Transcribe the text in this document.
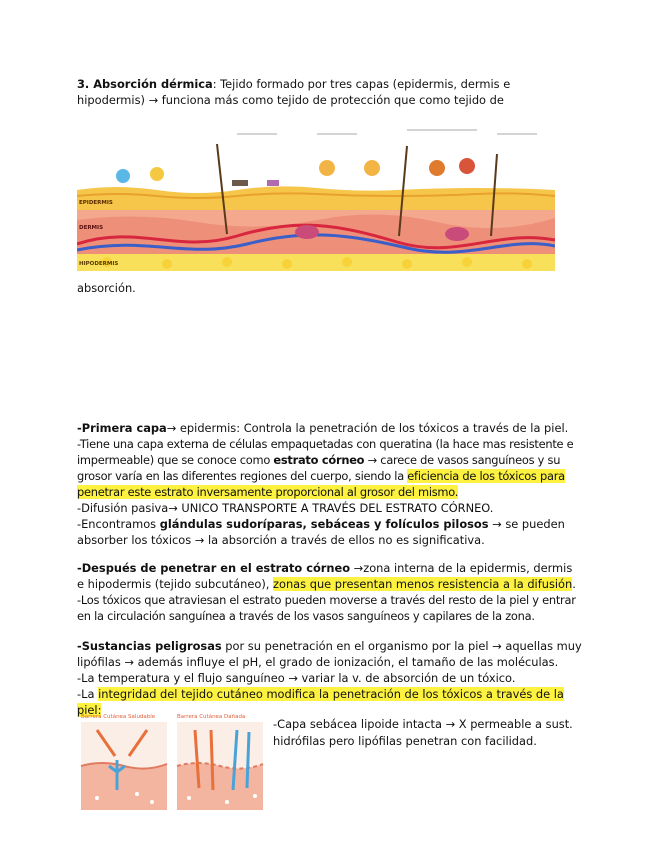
3. Absorción dérmica: Tejido formado por tres capas (epidermis, dermis e hipodermis) → funciona más como tejido de protección que como tejido de

EPIDERMIS
DERMIS
HIPODERMIS

absorción.

-Primera capa→ epidermis: Controla la penetración de los tóxicos a través de la piel.

-Tiene una capa externa de células empaquetadas con queratina (la hace mas resistente e impermeable) que se conoce como estrato córneo → carece de vasos sanguíneos y su grosor varía en las diferentes regiones del cuerpo, siendo la eficiencia de los tóxicos para penetrar este estrato inversamente proporcional al grosor del mismo.

-Difusión pasiva→ UNICO TRANSPORTE A TRAVÉS DEL ESTRATO CÓRNEO.

-Encontramos glándulas sudoríparas, sebáceas y folículos pilosos → se pueden absorber los tóxicos → la absorción a través de ellos no es significativa.

-Después de penetrar en el estrato córneo →zona interna de la epidermis, dermis e hipodermis (tejido subcutáneo), zonas que presentan menos resistencia a la difusión.

-Los tóxicos que atraviesan el estrato pueden moverse a través del resto de la piel y entrar en la circulación sanguínea a través de los vasos sanguíneos y capilares de la zona.

-Sustancias peligrosas por su penetración en el organismo por la piel → aquellas muy lipófilas → además influye el pH, el grado de ionización, el tamaño de las moléculas.

-La temperatura y el flujo sanguíneo → variar la v. de absorción de un tóxico.

-La integridad del tejido cutáneo modifica la penetración de los tóxicos a través de la piel:

Barrera Cutánea Saludable	Barrera Cutánea Dañada -Capa sebácea lipoide intacta → X permeable a sust. hidrófilas pero lipófilas penetran con facilidad.
